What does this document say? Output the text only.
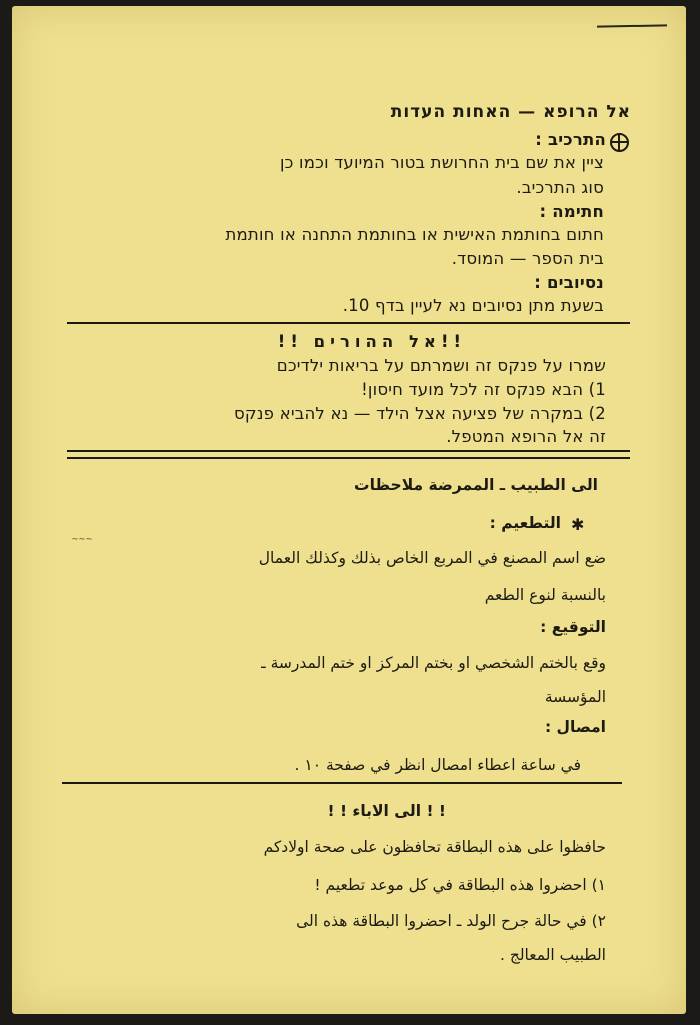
אל הרופא — האחות העדות
התרכיב :
ציין את שם בית החרושת בטור המיועד וכמו כן
סוג התרכיב.
חתימה :
חתום בחותמת האישית או בחותמת התחנה או חותמת
בית הספר — המוסד.
נסיובים :
בשעת מתן נסיובים נא לעיין בדף 10.
!!אל ההורים !!
שמרו על פנקס זה ושמרתם על בריאות ילדיכם
1) הבא פנקס זה לכל מועד חיסון!
2) במקרה של פציעה אצל הילד — נא להביא פנקס
זה אל הרופא המטפל.
الى الطبيب ـ الممرضة ملاحظات
✱
التطعيم :
~~~
ضع اسم المصنع في المربع الخاص بذلك وكذلك العمال
بالنسبة لنوع الطعم
التوقيع :
وقع بالختم الشخصي او بختم المركز او ختم المدرسة ـ
المؤسسة
امصال :
في ساعة اعطاء امصال انظر في صفحة ١٠ .
! ! الى الاباء ! !
حافظوا على هذه البطاقة تحافظون على صحة اولادكم
١) احضروا هذه البطاقة في كل موعد تطعيم !
٢) في حالة جرح الولد ـ احضروا البطاقة هذه الى
الطبيب المعالج .
